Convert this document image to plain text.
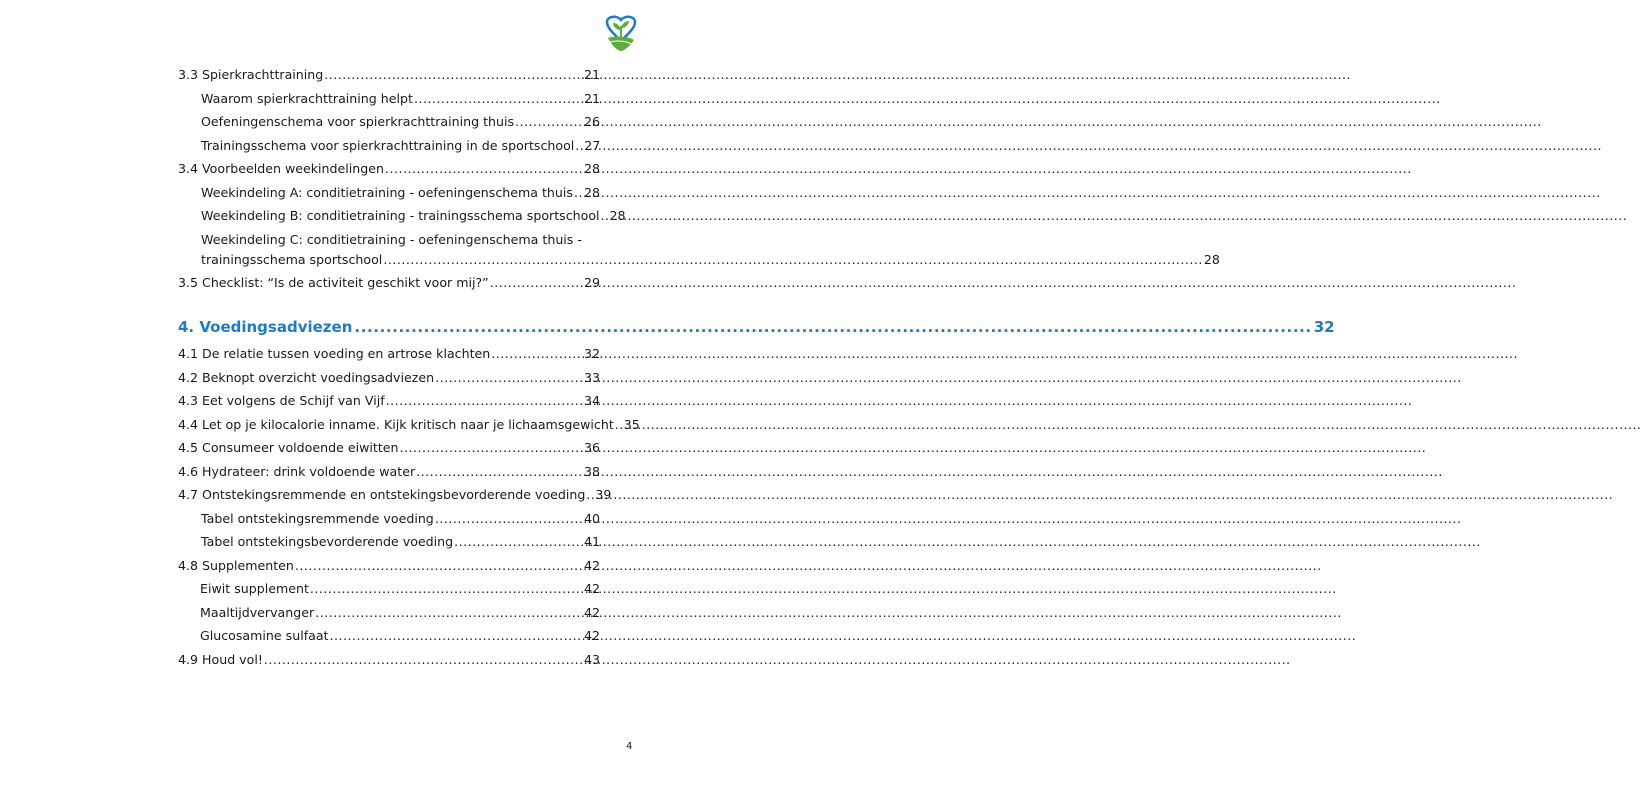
3.3 Spierkrachttraining .....	21
Waarom spierkrachttraining helpt .....	21
Oefeningenschema voor spierkrachttraining thuis .....	26
Trainingsschema voor spierkrachttraining in de sportschool ..... 27
3.4 Voorbeelden weekindelingen .....	28
Weekindeling A: conditietraining - oefeningenschema thuis ..... 28
Weekindeling B: conditietraining - trainingsschema sportschool ..... 28
Weekindeling C: conditietraining - oefeningenschema thuis -
trainingsschema sportschool .....	28
3.5 Checklist: “Is de activiteit geschikt voor mij?” .....	29
4. Voedingsadviezen .....	32
4.1 De relatie tussen voeding en artrose klachten .....	32
4.2 Beknopt overzicht voedingsadviezen .....	33
4.3 Eet volgens de Schijf van Vijf .....	34
4.4 Let op je kilocalorie inname. Kijk kritisch naar je lichaamsgewicht ..... 35
4.5 Consumeer voldoende eiwitten .....	36
4.6 Hydrateer: drink voldoende water .....	38
4.7 Ontstekingsremmende en ontstekingsbevorderende voeding ..... 39
Tabel ontstekingsremmende voeding .....	40
Tabel ontstekingsbevorderende voeding .....	41
4.8 Supplementen .....	42
Eiwit supplement .....	42
Maaltijdvervanger .....	42
Glucosamine sulfaat .....	42
4.9 Houd vol! .....	43
4
